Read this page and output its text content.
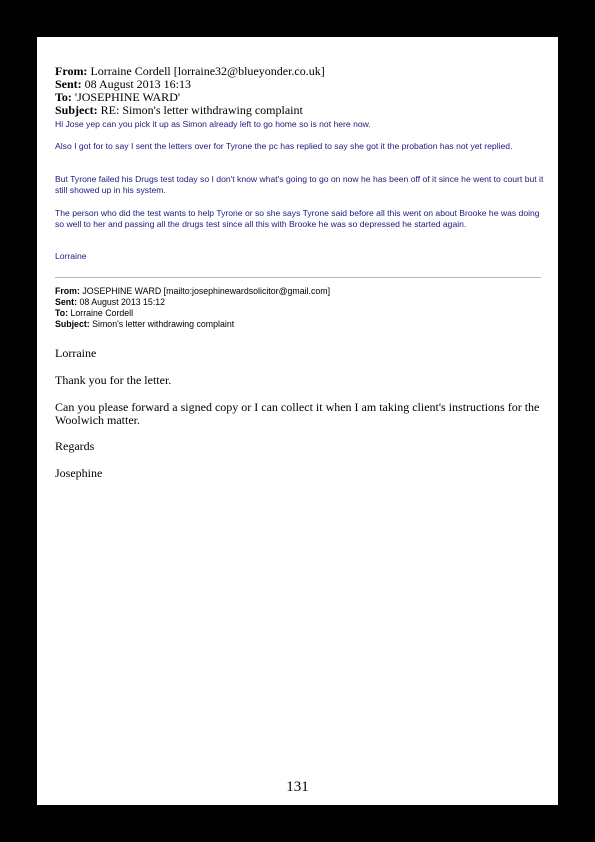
From: Lorraine Cordell [lorraine32@blueyonder.co.uk]
Sent: 08 August 2013 16:13
To: 'JOSEPHINE WARD'
Subject: RE: Simon's letter withdrawing complaint
Hi Jose yep can you pick it up as Simon already left to go home so is not here now.
Also I got for to say I sent the letters over for Tyrone the pc has replied to say she got it the probation has not yet replied.
But Tyrone failed his Drugs test today so I don't know what's going to go on now he has been off of it since he went to court but it still showed up in his system.
The person who did the test wants to help Tyrone or so she says Tyrone said before all this went on about Brooke he was doing so well to her and passing all the drugs test since all this with Brooke he was so depressed he started again.
Lorraine
From: JOSEPHINE WARD [mailto:josephinewardsolicitor@gmail.com]
Sent: 08 August 2013 15:12
To: Lorraine Cordell
Subject: Simon's letter withdrawing complaint
Lorraine
Thank you for the letter.
Can you please forward a signed copy or I can collect it when I am taking client's instructions for the Woolwich matter.
Regards
Josephine
131
